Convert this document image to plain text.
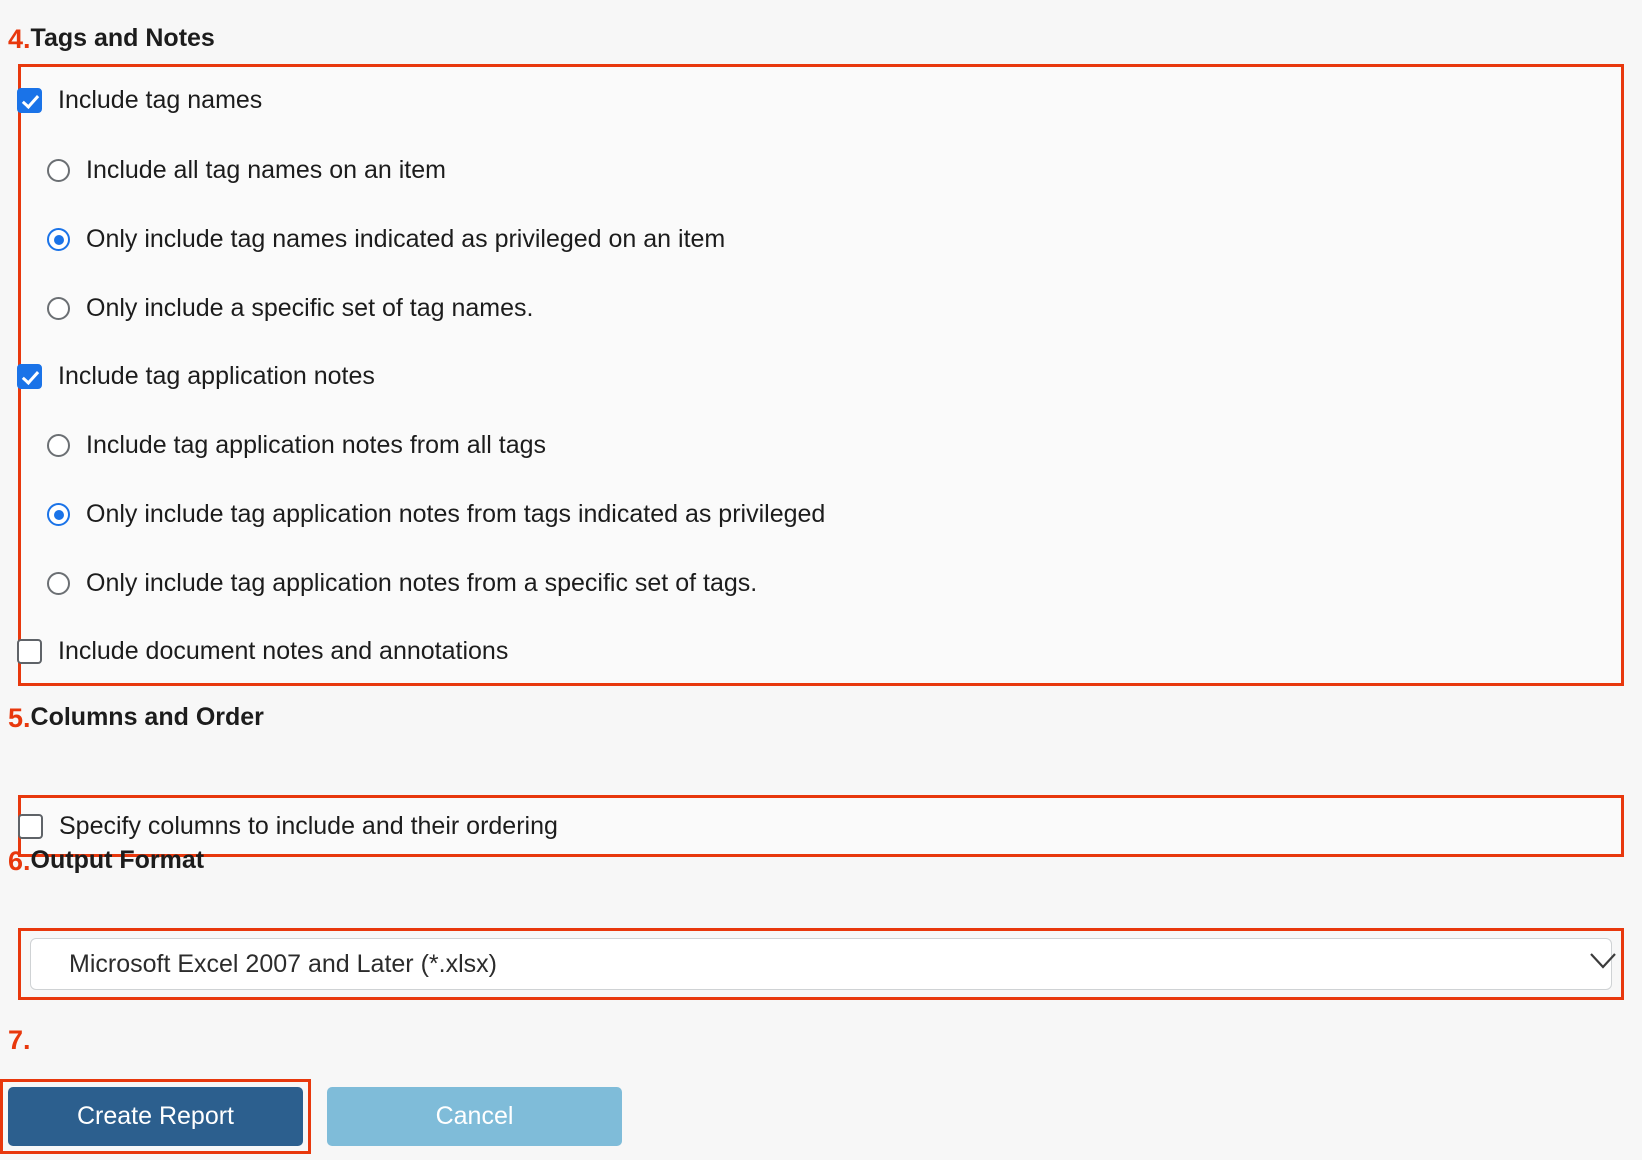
4. Tags and Notes
Include tag names
Include all tag names on an item
Only include tag names indicated as privileged on an item
Only include a specific set of tag names.
Include tag application notes
Include tag application notes from all tags
Only include tag application notes from tags indicated as privileged
Only include tag application notes from a specific set of tags.
Include document notes and annotations
5. Columns and Order
Specify columns to include and their ordering
6. Output Format
Microsoft Excel 2007 and Later (*.xlsx)
7.
Create Report	Cancel
